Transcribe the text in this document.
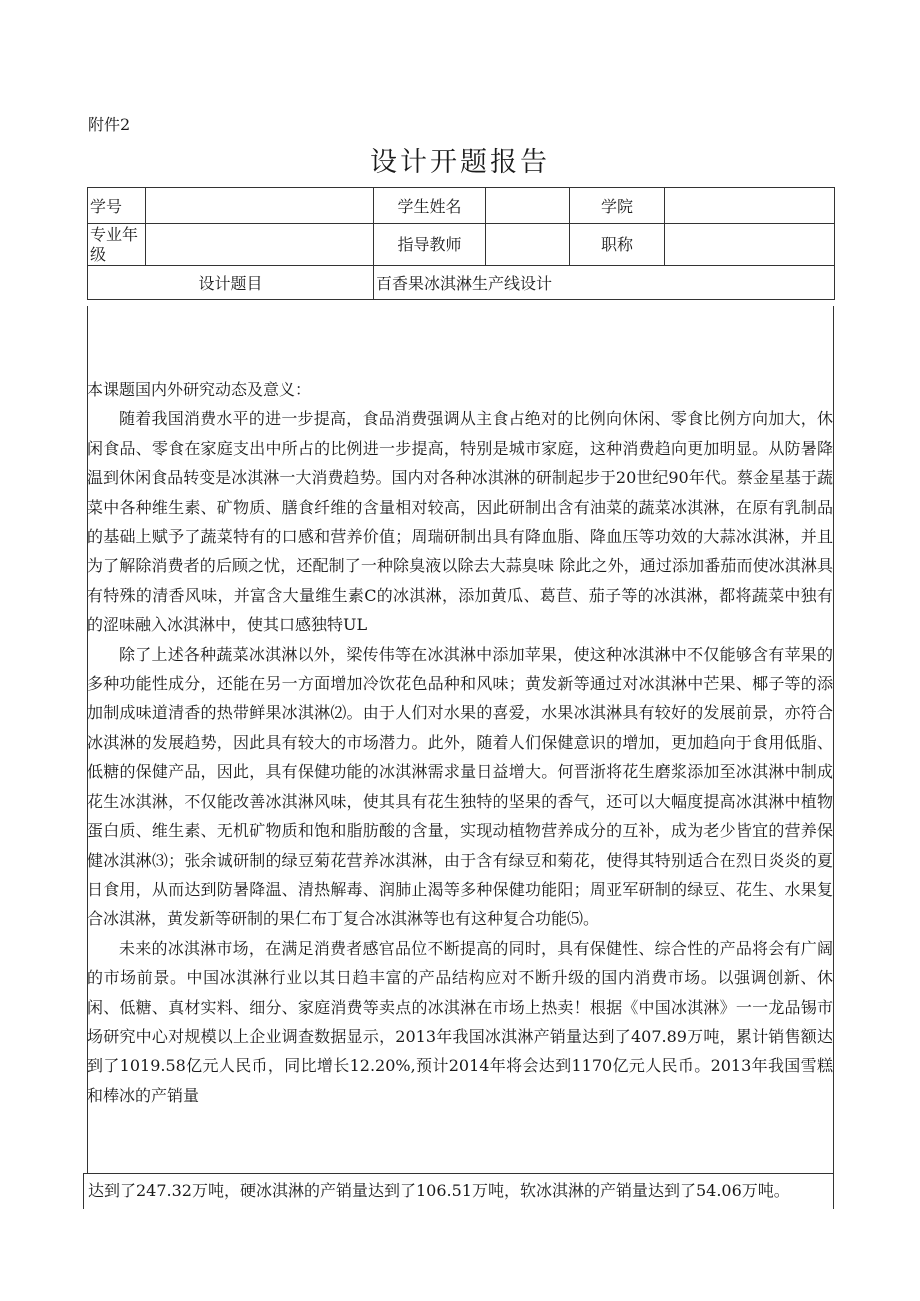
附件2
设计开题报告
学号		学生姓名		学院	
专业年级		指导教师		职称	
设计题目		百香果冰淇淋生产线设计			

本课题国内外研究动态及意义：

随着我国消费水平的进一步提高，食品消费强调从主食占绝对的比例向休闲、零食比例方向加大，休闲食品、零食在家庭支出中所占的比例进一步提高，特别是城市家庭，这种消费趋向更加明显。从防暑降温到休闲食品转变是冰淇淋一大消费趋势。国内对各种冰淇淋的研制起步于20世纪90年代。蔡金星基于蔬菜中各种维生素、矿物质、膳食纤维的含量相对较高，因此研制出含有油菜的蔬菜冰淇淋，在原有乳制品的基础上赋予了蔬菜特有的口感和营养价值；周瑞研制出具有降血脂、降血压等功效的大蒜冰淇淋，并且为了解除消费者的后顾之忧，还配制了一种除臭液以除去大蒜臭味 除此之外，通过添加番茄而使冰淇淋具有特殊的清香风味，并富含大量维生素C的冰淇淋，添加黄瓜、葛苣、茄子等的冰淇淋，都将蔬菜中独有的涩味融入冰淇淋中，使其口感独特UL

除了上述各种蔬菜冰淇淋以外，梁传伟等在冰淇淋中添加苹果，使这种冰淇淋中不仅能够含有苹果的多种功能性成分，还能在另一方面增加冷饮花色品种和风味；黄发新等通过对冰淇淋中芒果、椰子等的添加制成味道清香的热带鲜果冰淇淋⑵。由于人们对水果的喜爱，水果冰淇淋具有较好的发展前景，亦符合冰淇淋的发展趋势，因此具有较大的市场潜力。此外，随着人们保健意识的增加，更加趋向于食用低脂、低糖的保健产品，因此，具有保健功能的冰淇淋需求量日益增大。何晋浙将花生磨浆添加至冰淇淋中制成花生冰淇淋，不仅能改善冰淇淋风味，使其具有花生独特的坚果的香气，还可以大幅度提高冰淇淋中植物蛋白质、维生素、无机矿物质和饱和脂肪酸的含量，实现动植物营养成分的互补，成为老少皆宜的营养保健冰淇淋⑶；张余诚研制的绿豆菊花营养冰淇淋，由于含有绿豆和菊花，使得其特别适合在烈日炎炎的夏日食用，从而达到防暑降温、清热解毒、润肺止渴等多种保健功能阳；周亚军研制的绿豆、花生、水果复合冰淇淋，黄发新等研制的果仁布丁复合冰淇淋等也有这种复合功能⑸。

未来的冰淇淋市场，在满足消费者感官品位不断提高的同时，具有保健性、综合性的产品将会有广阔的市场前景。中国冰淇淋行业以其日趋丰富的产品结构应对不断升级的国内消费市场。以强调创新、休闲、低糖、真材实料、细分、家庭消费等卖点的冰淇淋在市场上热卖！根据《中国冰淇淋》一一龙品锡市场研究中心对规模以上企业调查数据显示，2013年我国冰淇淋产销量达到了407.89万吨，累计销售额达到了1019.58亿元人民币，同比增长12.20%,预计2014年将会达到1170亿元人民币。2013年我国雪糕和棒冰的产销量

达到了247.32万吨，硬冰淇淋的产销量达到了106.51万吨，软冰淇淋的产销量达到了54.06万吨。
